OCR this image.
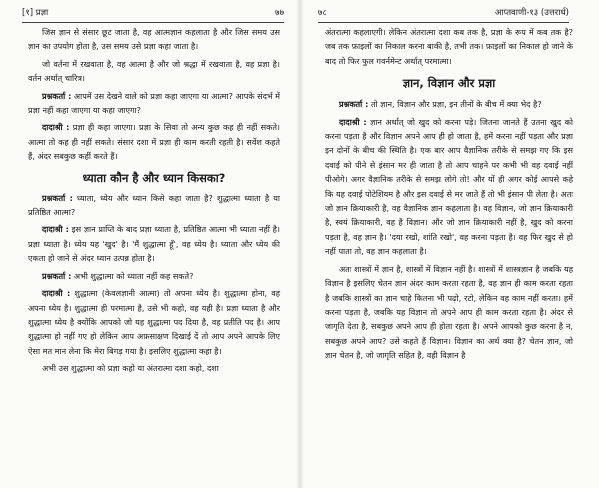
[१] प्रज्ञा	७७

जिस ज्ञान से संसार छूट जाता है, वह आत्मज्ञान कहलाता है और जिस समय उस ज्ञान का उपयोग होता है, उस समय उसे प्रज्ञा कहा जाता है।

जो वर्तना में रखवाता है, वह आत्मा है और जो श्रद्धा में रखवाता है, वह प्रज्ञा है। वर्तन अर्थात् चारित्र।

प्रश्नकर्ता : आपमें उस देखने वाले को प्रज्ञा कहा जाएगा या आत्मा? आपके संदर्भ में प्रज्ञा नहीं कहा जाएगा या कहा जाएगा?

दादाश्री : प्रज्ञा ही कहा जाएगा। प्रज्ञा के सिवा तो अन्य कुछ कह ही नहीं सकते। आत्मा तो कह ही नहीं सकते। संसार दशा में प्रज्ञा ही काम करती रहती है। सर्वेश कहते हैं, अंदर सबकुछ कहीं करते हैं।

ध्याता कौन है और ध्यान किसका?

प्रश्नकर्ता : ध्याता, ध्येय और ध्यान किसे कहा जाता है? शुद्धात्मा ध्याता है या प्रतिष्ठित आत्मा?

दादाश्री : इस ज्ञान प्राप्ति के बाद प्रज्ञा ध्याता है, प्रतिष्ठित आत्मा भी ध्याता नहीं है। प्रज्ञा ध्याता है। ध्येय यह 'खुद' है। 'मैं शुद्धात्मा हूँ', वह ध्येय है। ध्याता और ध्येय की एकता हो जाने से अंदर ध्यान उत्पन्न होता है।

प्रश्नकर्ता : अभी शुद्धात्मा को ध्याता नहीं कह सकते?

दादाश्री : शुद्धात्मा (केवलज्ञानी आत्मा) तो अपना ध्येय है। शुद्धात्मा होना, वह अपना ध्येय है। शुद्धात्मा ही परमात्मा है, उसे भी कहो, वह यही है। प्रज्ञा ध्याता है और शुद्धात्मा ध्येय है क्योंकि आपको जो यह शुद्धात्मा पद दिया है, वह प्रतीति पद है। आप शुद्धात्मा हो नहीं गए हो लेकिन आप अफ़साक्षण दिखाई दें तो आप अपने आपके लिए ऐसा मत मान लेना कि मेरा बिगड़ गया है। इसलिए शुद्धात्मा कहा है।

अभी उस शुद्धात्मा को प्रज्ञा कहो या अंतरात्मा दशा कहो, दशा

७८	आप्तवाणी-१३ (उत्तरार्ध)

अंतरात्मा कहलाएगी। लेकिन अंतरात्मा दशा कब तक है, प्रज्ञा के रूप में कब तक है? जब तक फ़ाइलों का निकाल करना बाकी है, तभी तक। फ़ाइलों का निकाल हो जाने के बाद तो फिर फुल गवर्नमेन्ट अर्थात् परमात्मा।

ज्ञान, विज्ञान और प्रज्ञा

प्रश्नकर्ता : तो ज्ञान, विज्ञान और प्रज्ञा, इन तीनों के बीच में क्या भेद है?

दादाश्री : ज्ञान अर्थात् जो खुद को करना पड़े। जितना जानते हैं उतना खुद को करना पड़ता है और विज्ञान अपने आप ही हो जाता है, हमें करना नहीं पड़ता और प्रज्ञा इन दोनों के बीच की स्थिति है। एक बार आप वैज्ञानिक तरीके से समझ गए कि इस दवाई को पीने से इंसान मर ही जाता है तो आप चाहने पर कभी भी वह दवाई नहीं पीओगे। अगर वैज्ञानिक तरीके से समझ लोगे तो! और यों ही अगर कोई आपसे कहे कि यह दवाई पोटेशियम है और इस दवाई से मर जाते हैं तो भी इंसान पी लेता है। अतः जो ज्ञान क्रियाकारी है, वह वैज्ञानिक ज्ञान कहलाता है। वह विज्ञान, जो ज्ञान क्रियाकारी है, स्वयं क्रियाकारी, वह है विज्ञान। और जो ज्ञान क्रियाकारी नहीं है, खुद को करना पड़ता है, वह ज्ञान है। 'दया रखो, शांति रखो', वह करना पड़ता है। वह फिर खुद से हो नहीं पाता तो, वह ज्ञान कहलाता है।

अतः शास्त्रों में ज्ञान है, शास्त्रों में विज्ञान नहीं है। शास्त्रों में शास्त्रज्ञान है जबकि यह विज्ञान है इसलिए चेतन ज्ञान अंदर काम करता रहता है, वह ज्ञान ही काम करता रहता है जबकि शास्त्रों का ज्ञान चाहे कितना भी पढ़ो, रटो, लेकिन वह काम नहीं करता। हमें करना पड़ता है, जबकि यह विज्ञान तो अपने आप ही काम करता रहता है। अंदर से जागृति देता है, सबकुछ अपने आप ही होता रहता है। अपने आपको कुछ करना है न, सबकुछ अपने आप? उसे कहते हैं विज्ञान। विज्ञान का अर्थ क्या है? चेतन ज्ञान, जो ज्ञान चेतन है, जो जागृति सहित है, वही विज्ञान है
